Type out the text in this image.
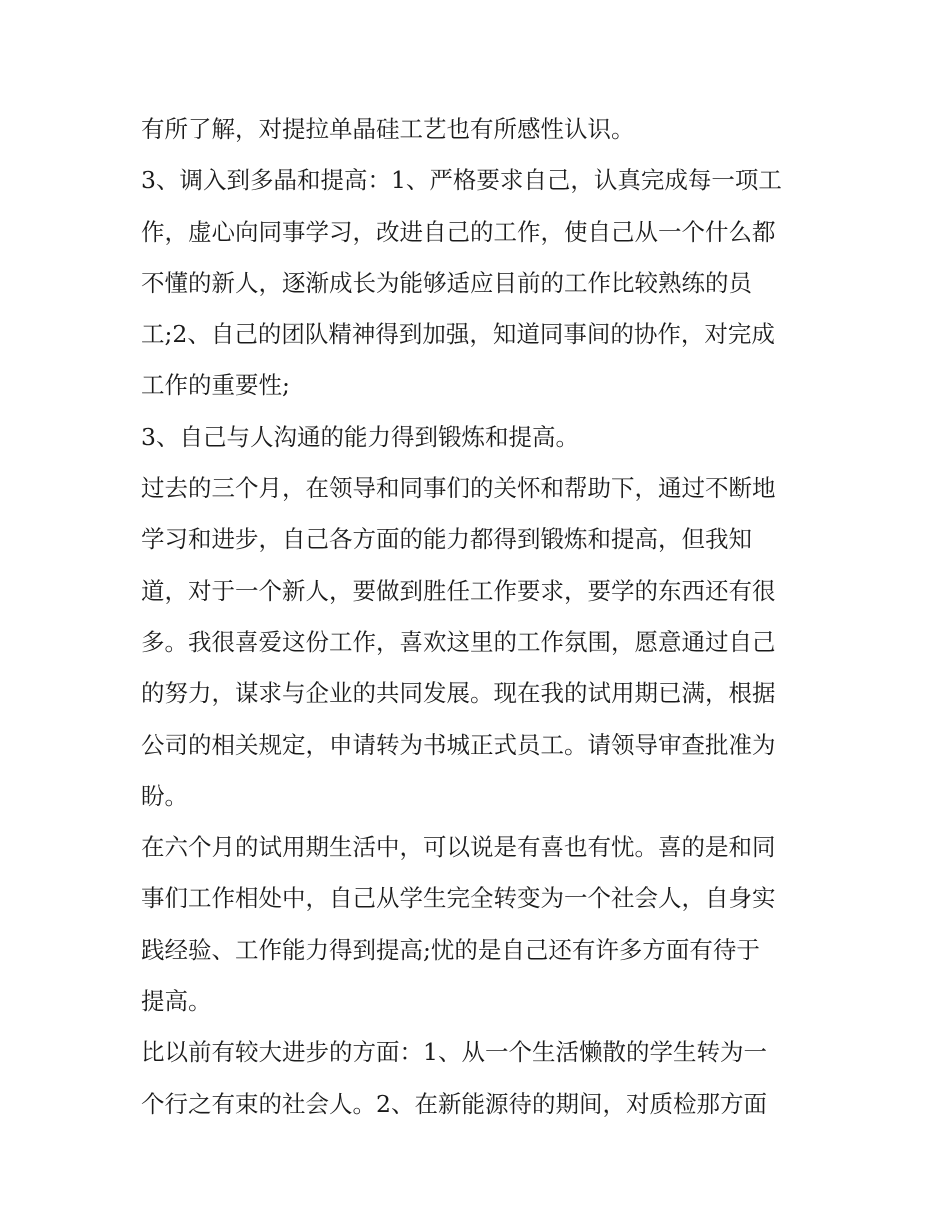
有所了解，对提拉单晶硅工艺也有所感性认识。

3、调入到多晶和提高：1、严格要求自己，认真完成每一项工

作，虚心向同事学习，改进自己的工作，使自己从一个什么都

不懂的新人，逐渐成长为能够适应目前的工作比较熟练的员

工;2、自己的团队精神得到加强，知道同事间的协作，对完成

工作的重要性;

3、自己与人沟通的能力得到锻炼和提高。

过去的三个月，在领导和同事们的关怀和帮助下，通过不断地

学习和进步，自己各方面的能力都得到锻炼和提高，但我知

道，对于一个新人，要做到胜任工作要求，要学的东西还有很

多。我很喜爱这份工作，喜欢这里的工作氛围，愿意通过自己

的努力，谋求与企业的共同发展。现在我的试用期已满，根据

公司的相关规定，申请转为书城正式员工。请领导审查批准为

盼。

在六个月的试用期生活中，可以说是有喜也有忧。喜的是和同

事们工作相处中，自己从学生完全转变为一个社会人，自身实

践经验、工作能力得到提高;忧的是自己还有许多方面有待于

提高。

比以前有较大进步的方面：1、从一个生活懒散的学生转为一

个行之有束的社会人。2、在新能源待的期间，对质检那方面
